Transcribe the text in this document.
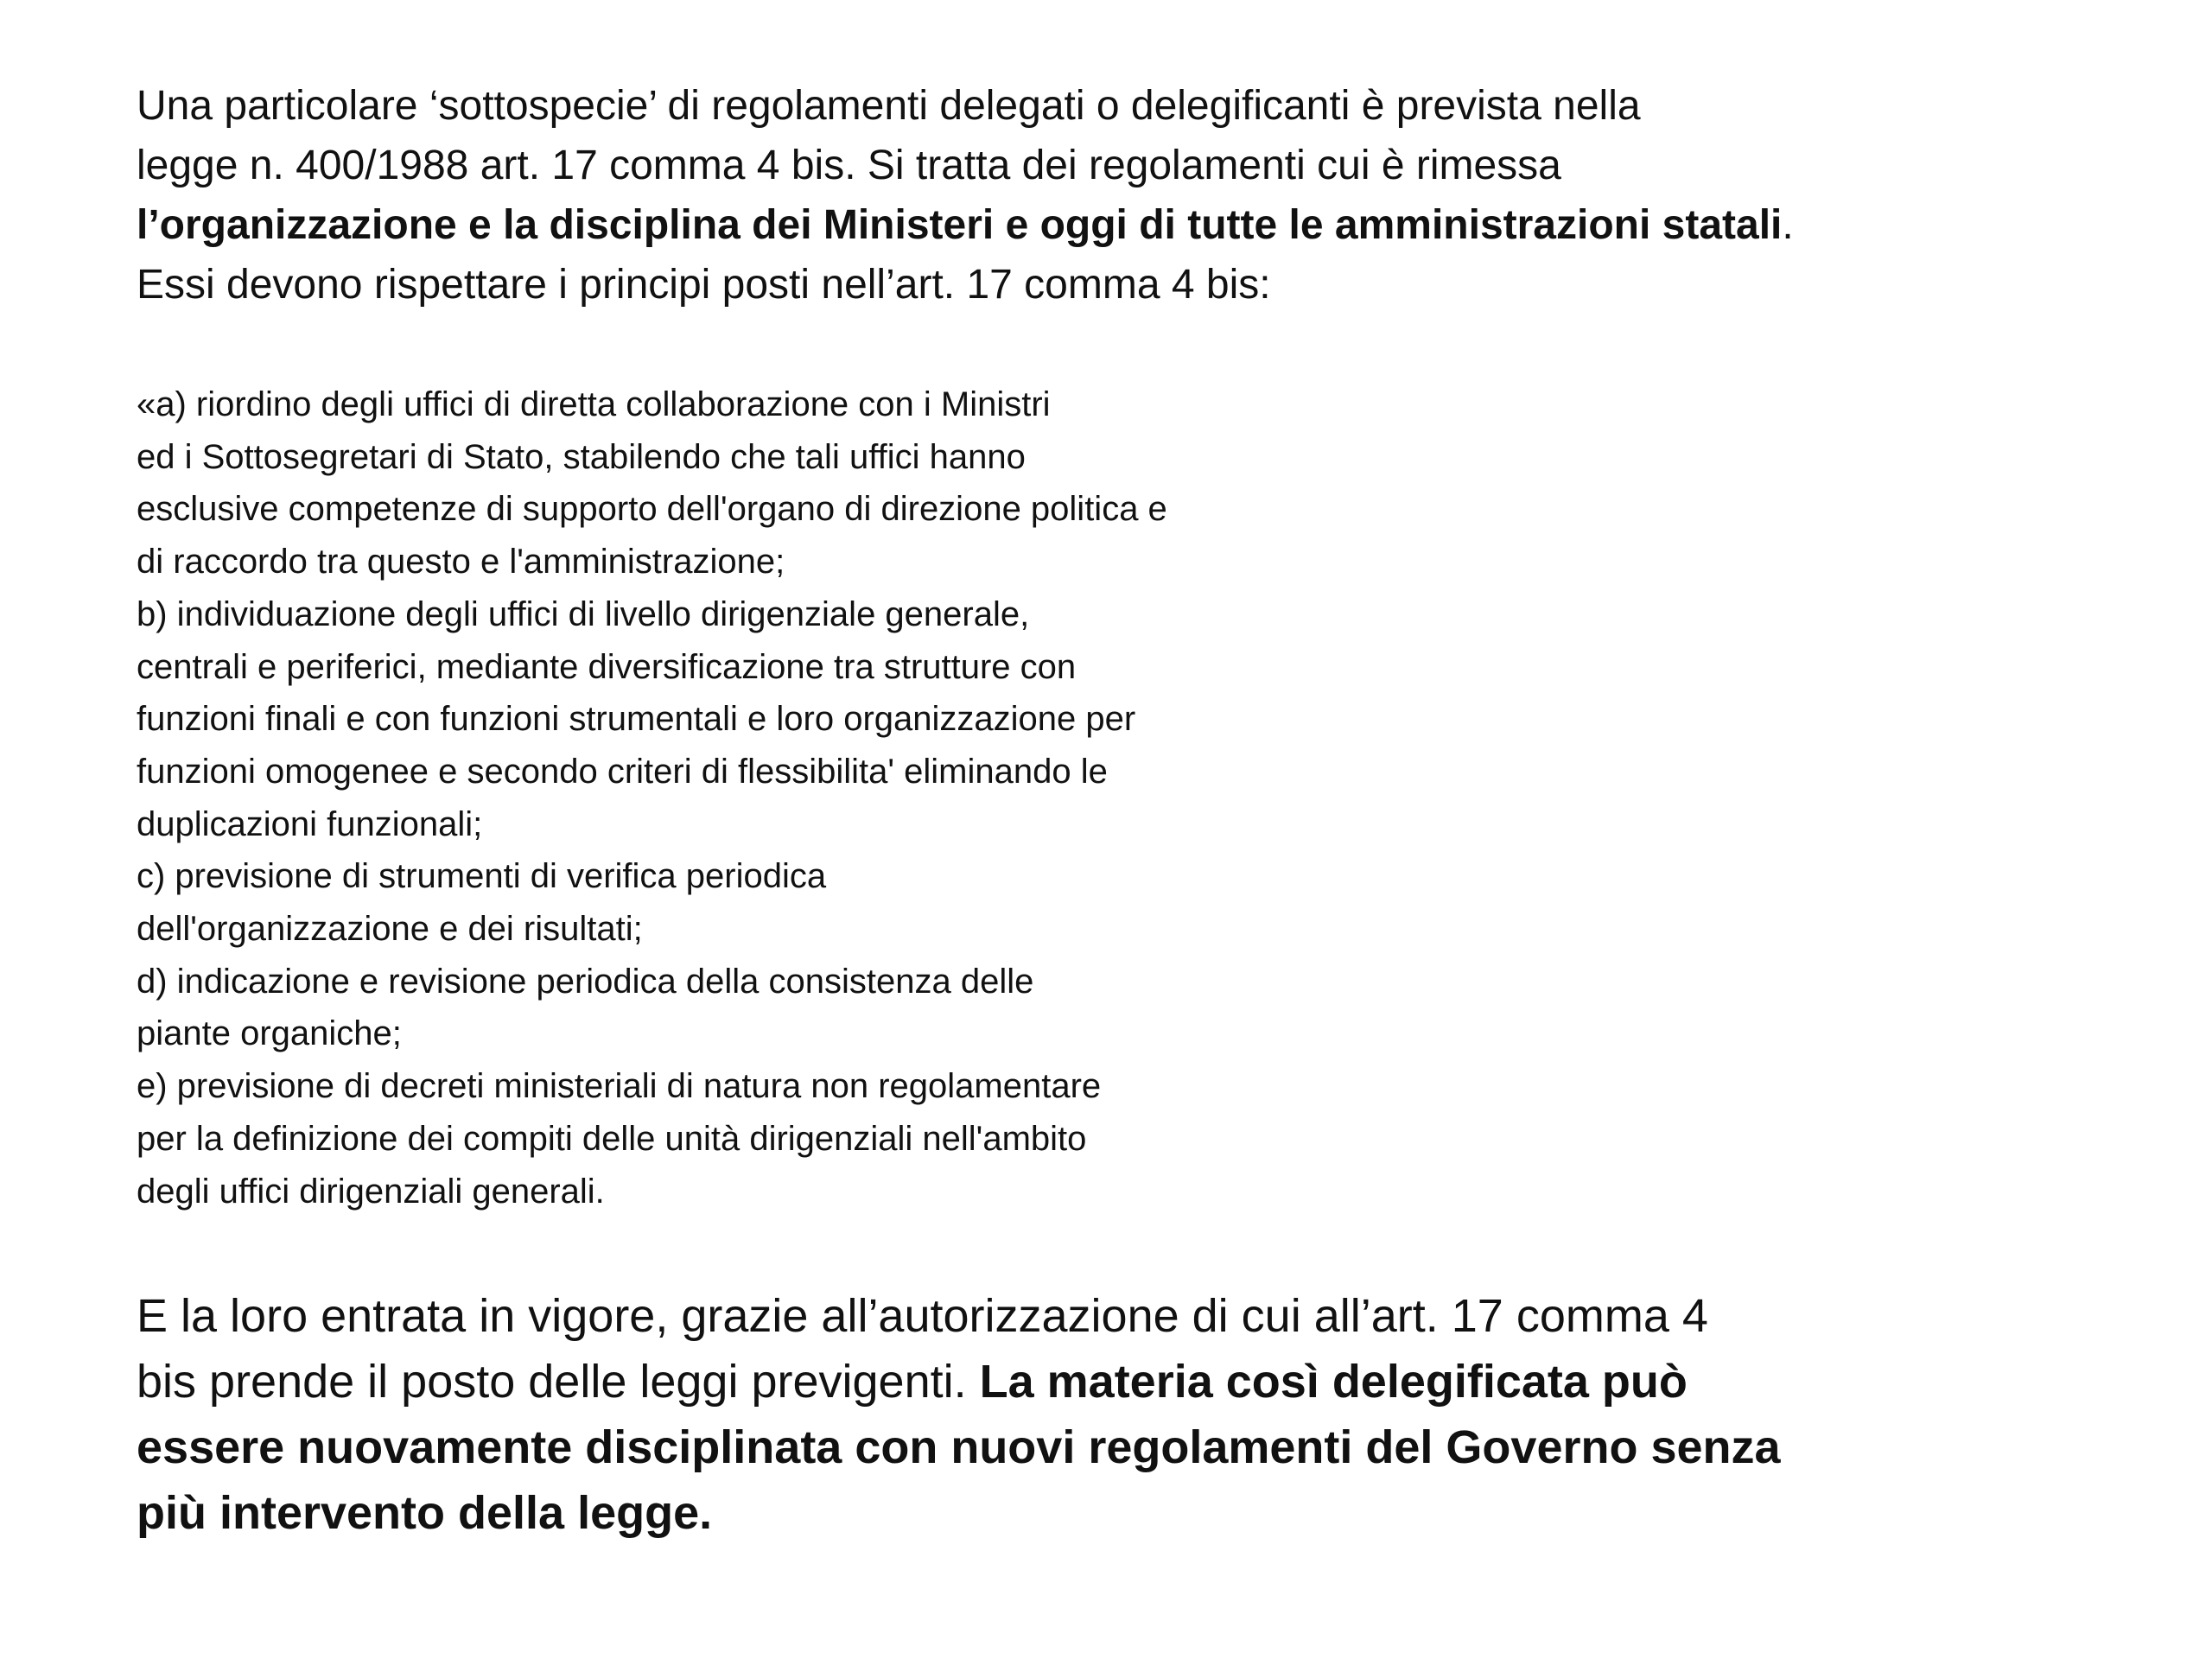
Una particolare ‘sottospecie’ di regolamenti delegati o delegificanti è prevista nella
legge n. 400/1988 art. 17 comma 4 bis. Si tratta dei regolamenti cui è rimessa
l’organizzazione e la disciplina dei Ministeri e oggi di tutte le amministrazioni statali.
Essi devono rispettare i principi posti nell’art. 17 comma 4 bis:

«a) riordino degli uffici di diretta collaborazione con i Ministri
ed i Sottosegretari di Stato, stabilendo che tali uffici hanno
esclusive competenze di supporto dell'organo di direzione politica e
di raccordo tra questo e l'amministrazione;
b) individuazione degli uffici di livello dirigenziale generale,
centrali e periferici, mediante diversificazione tra strutture con
funzioni finali e con funzioni strumentali e loro organizzazione per
funzioni omogenee e secondo criteri di flessibilita' eliminando le
duplicazioni funzionali;
c) previsione di strumenti di verifica periodica
dell'organizzazione e dei risultati;
d) indicazione e revisione periodica della consistenza delle
piante organiche;
e) previsione di decreti ministeriali di natura non regolamentare
per la definizione dei compiti delle unità dirigenziali nell'ambito
degli uffici dirigenziali generali.

E la loro entrata in vigore, grazie all’autorizzazione di cui all’art. 17 comma 4
bis prende il posto delle leggi previgenti. La materia così delegificata può
essere nuovamente disciplinata con nuovi regolamenti del Governo senza
più intervento della legge.
